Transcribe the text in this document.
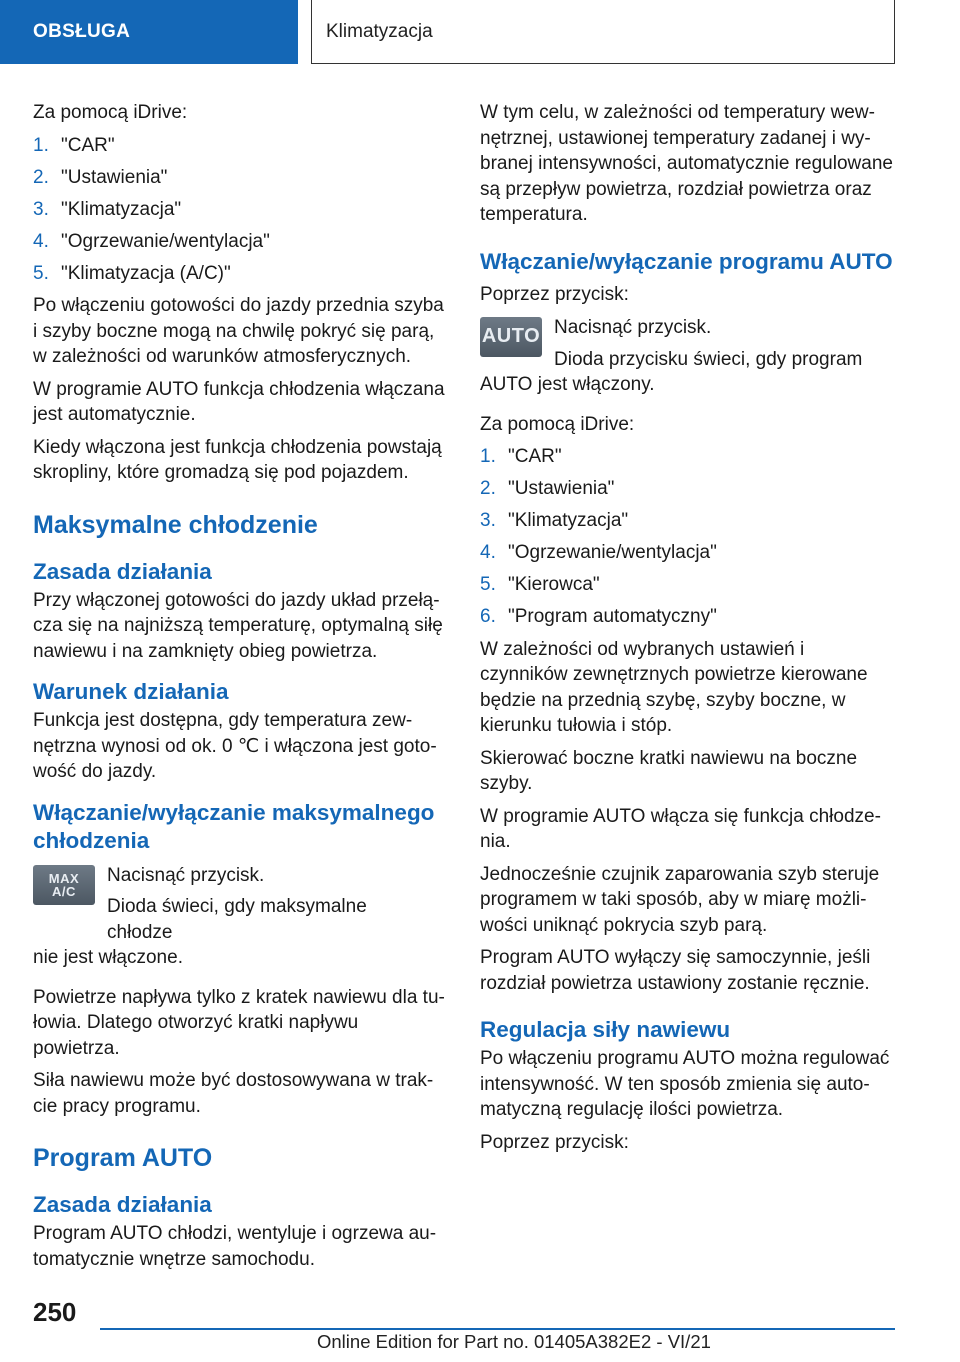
OBSŁUGA	Klimatyzacja

Za pomocą iDrive:

1. "CAR"
2. "Ustawienia"
3. "Klimatyzacja"
4. "Ogrzewanie/wentylacja"
5. "Klimatyzacja (A/C)"

Po włączeniu gotowości do jazdy przednia szyba i szyby boczne mogą na chwilę pokryć się parą, w zależności od warunków atmosferycznych.

W programie AUTO funkcja chłodzenia włączana jest automatycznie.

Kiedy włączona jest funkcja chłodzenia powstają skropliny, które gromadzą się pod pojazdem.

Maksymalne chłodzenie
Zasada działania

Przy włączonej gotowości do jazdy układ przełącza się na najniższą temperaturę, optymalną siłę nawiewu i na zamknięty obieg powietrza.

Warunek działania

Funkcja jest dostępna, gdy temperatura zewnętrzna wynosi od ok. 0 ℃ i włączona jest gotowość do jazdy.

Włączanie/wyłączanie maksymalnego chłodzenia
MAX
A/C

Nacisnąć przycisk.

Dioda świeci, gdy maksymalne chłodze

nie jest włączone.

Powietrze napływa tylko z kratek nawiewu dla tułowia. Dlatego otworzyć kratki napływu powietrza.

Siła nawiewu może być dostosowywana w trakcie pracy programu.

Program AUTO
Zasada działania

Program AUTO chłodzi, wentyluje i ogrzewa automatycznie wnętrze samochodu.

W tym celu, w zależności od temperatury wewnętrznej, ustawionej temperatury zadanej i wybranej intensywności, automatycznie regulowane są przepływ powietrza, rozdział powietrza oraz temperatura.

Włączanie/wyłączanie programu AUTO

Poprzez przycisk:

AUTO Nacisnąć przycisk.

Dioda przycisku świeci, gdy program

AUTO jest włączony.

Za pomocą iDrive:

1. "CAR"
2. "Ustawienia"
3. "Klimatyzacja"
4. "Ogrzewanie/wentylacja"
5. "Kierowca"
6. "Program automatyczny"

W zależności od wybranych ustawień i czynników zewnętrznych powietrze kierowane będzie na przednią szybę, szyby boczne, w kierunku tułowia i stóp.

Skierować boczne kratki nawiewu na boczne szyby.

W programie AUTO włącza się funkcja chłodzenia.

Jednocześnie czujnik zaparowania szyb steruje programem w taki sposób, aby w miarę możliwości uniknąć pokrycia szyb parą.

Program AUTO wyłączy się samoczynnie, jeśli rozdział powietrza ustawiony zostanie ręcznie.

Regulacja siły nawiewu

Po włączeniu programu AUTO można regulować intensywność. W ten sposób zmienia się automatyczną regulację ilości powietrza.

Poprzez przycisk:

250
Online Edition for Part no. 01405A382E2 - VI/21
